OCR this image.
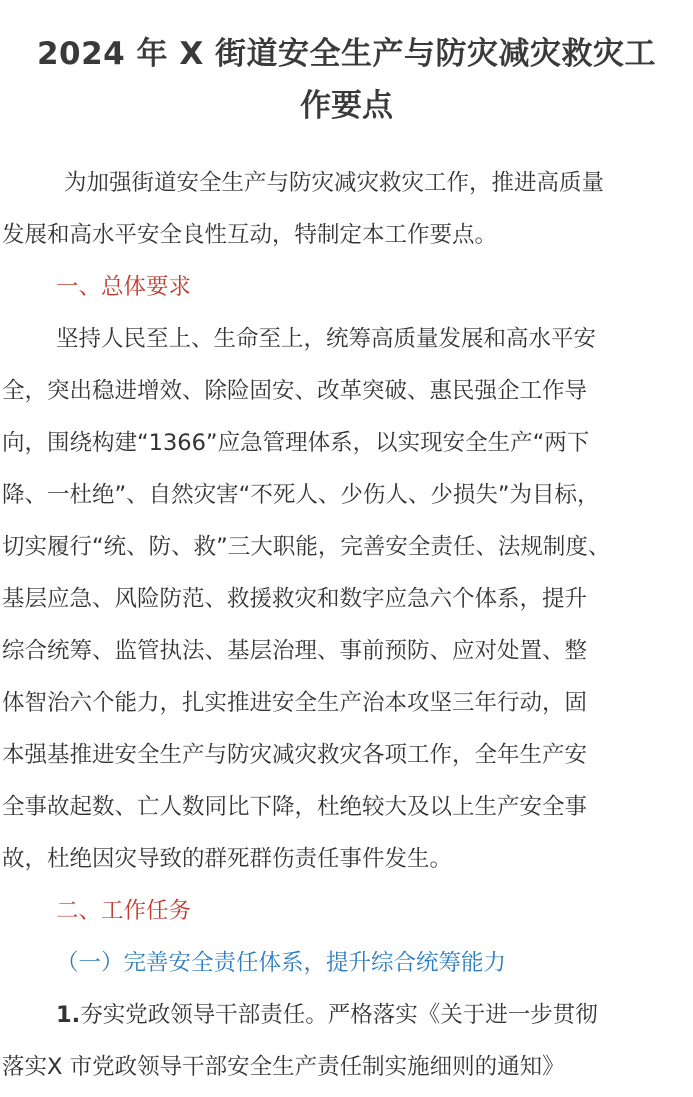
2024 年 X 街道安全生产与防灾减灾救灾工
作要点
为加强街道安全生产与防灾减灾救灾工作，推进高质量
发展和高水平安全良性互动，特制定本工作要点。
一、总体要求
坚持人民至上、生命至上，统筹高质量发展和高水平安
全，突出稳进增效、除险固安、改革突破、惠民强企工作导
向，围绕构建“1366”应急管理体系，以实现安全生产“两下
降、一杜绝”、自然灾害“不死人、少伤人、少损失”为目标，
切实履行“统、防、救”三大职能，完善安全责任、法规制度、
基层应急、风险防范、救援救灾和数字应急六个体系，提升
综合统筹、监管执法、基层治理、事前预防、应对处置、整
体智治六个能力，扎实推进安全生产治本攻坚三年行动，固
本强基推进安全生产与防灾减灾救灾各项工作，全年生产安
全事故起数、亡人数同比下降，杜绝较大及以上生产安全事
故，杜绝因灾导致的群死群伤责任事件发生。
二、工作任务
（一）完善安全责任体系，提升综合统筹能力
1.夯实党政领导干部责任。严格落实《关于进一步贯彻
落实X 市党政领导干部安全生产责任制实施细则的通知》
